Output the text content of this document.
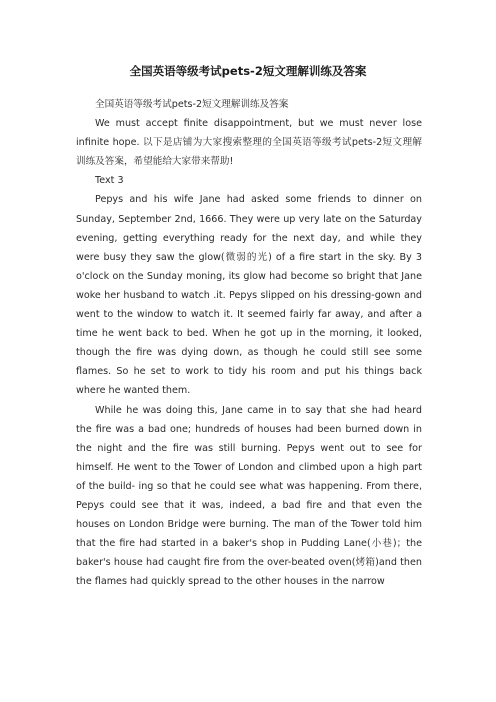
全国英语等级考试pets-2短文理解训练及答案

全国英语等级考试pets-2短文理解训练及答案

We must accept finite disappointment, but we must never lose infinite hope. 以下是店铺为大家搜索整理的全国英语等级考试pets-2短文理解训练及答案，希望能给大家带来帮助!

Text 3

Pepys and his wife Jane had asked some friends to dinner on Sunday, September 2nd, 1666. They were up very late on the Saturday evening, getting everything ready for the next day, and while they were busy they saw the glow(微弱的光) of a fire start in the sky. By 3 o'clock on the Sunday moning, its glow had become so bright that Jane woke her husband to watch .it. Pepys slipped on his dressing-gown and went to the window to watch it. It seemed fairly far away, and after a time he went back to bed. When he got up in the morning, it looked, though the fire was dying down, as though he could still see some flames. So he set to work to tidy his room and put his things back where he wanted them.

While he was doing this, Jane came in to say that she had heard the fire was a bad one; hundreds of houses had been burned down in the night and the fire was still burning. Pepys went out to see for himself. He went to the Tower of London and climbed upon a high part of the build- ing so that he could see what was happening. From there, Pepys could see that it was, indeed, a bad fire and that even the houses on London Bridge were burning. The man of the Tower told him that the fire had started in a baker's shop in Pudding Lane(小巷)；the baker's house had caught fire from the over-beated oven(烤箱)and then the flames had quickly spread to the other houses in the narrow
